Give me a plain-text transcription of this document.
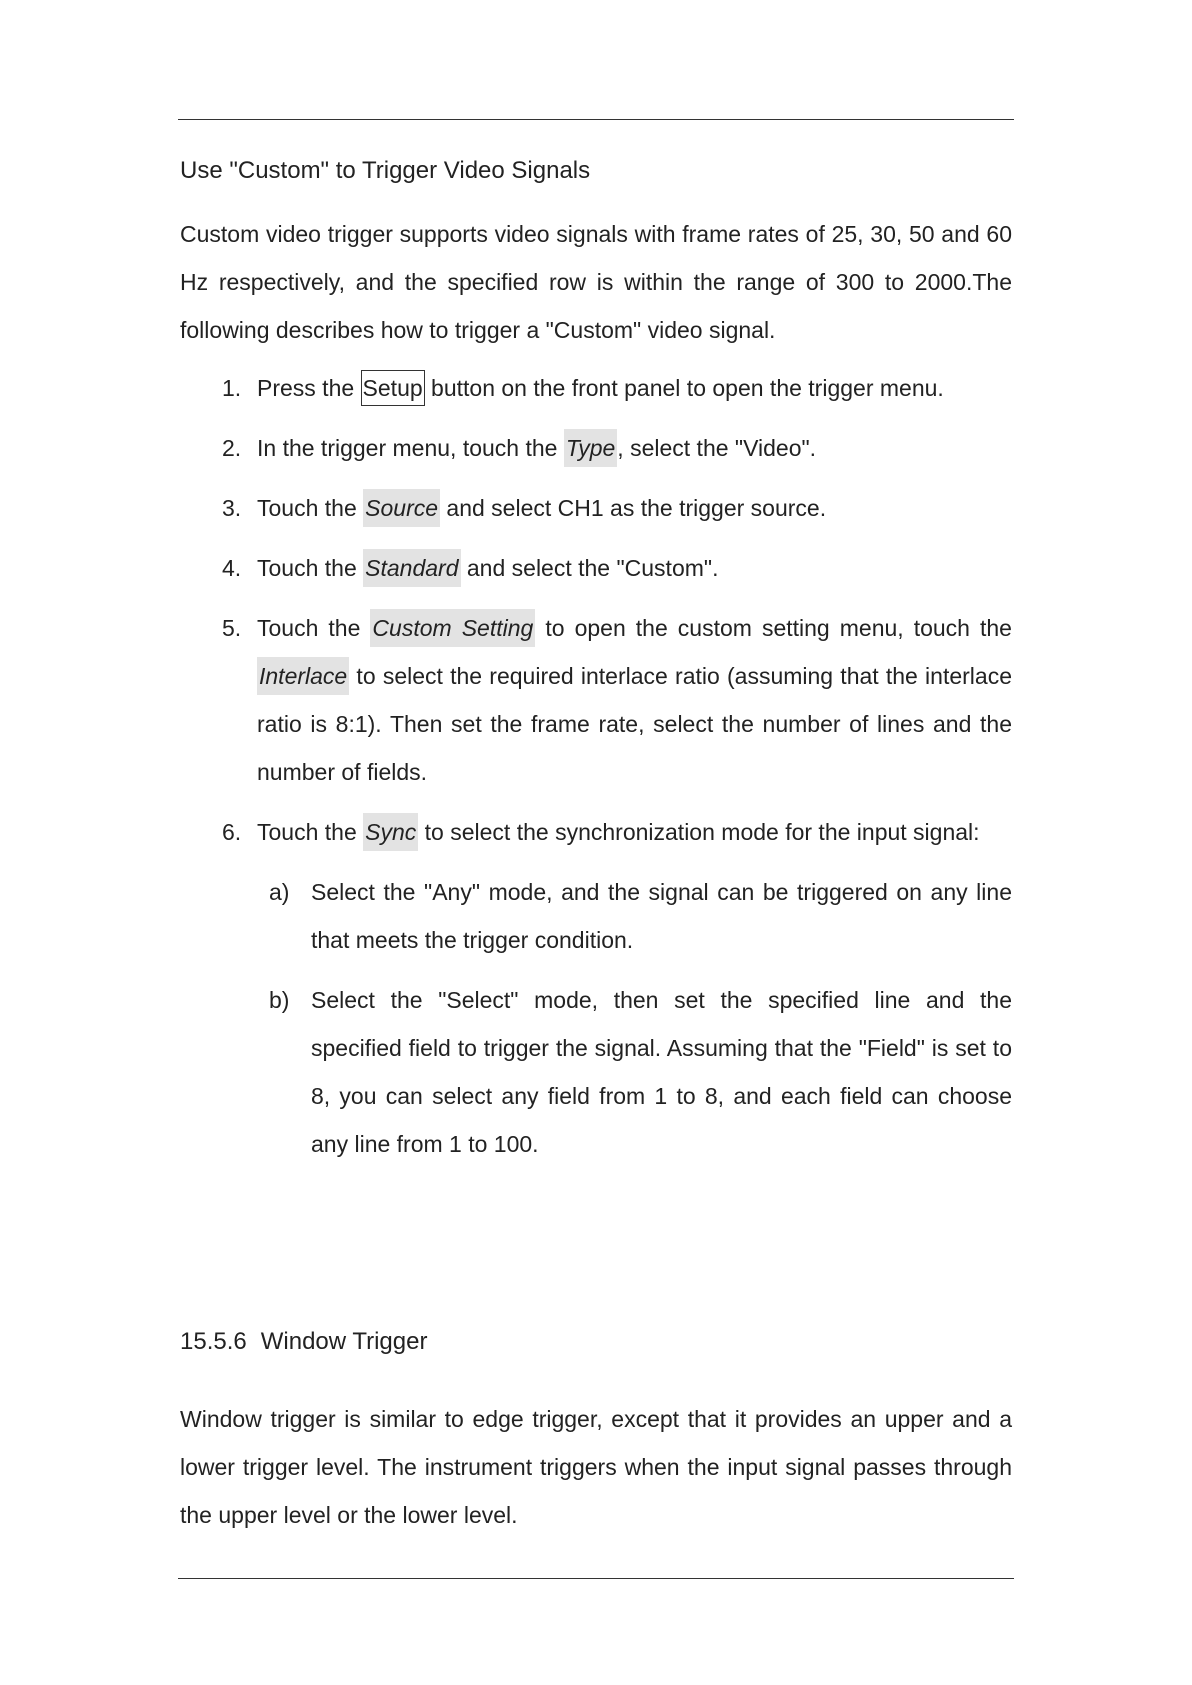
Use "Custom" to Trigger Video Signals

Custom video trigger supports video signals with frame rates of 25, 30, 50 and 60 Hz respectively, and the specified row is within the range of 300 to 2000.The following describes how to trigger a "Custom" video signal.

1. Press the Setup button on the front panel to open the trigger menu.
2. In the trigger menu, touch the Type, select the "Video".
3. Touch the Source and select CH1 as the trigger source.
4. Touch the Standard and select the "Custom".
5. Touch the Custom Setting to open the custom setting menu, touch the Interlace to select the required interlace ratio (assuming that the interlace ratio is 8:1). Then set the frame rate, select the number of lines and the number of fields.
6. Touch the Sync to select the synchronization mode for the input signal:
a) Select the "Any" mode, and the signal can be triggered on any line that meets the trigger condition.
b) Select the "Select" mode, then set the specified line and the specified field to trigger the signal. Assuming that the "Field" is set to 8, you can select any field from 1 to 8, and each field can choose any line from 1 to 100.
15.5.6 Window Trigger

Window trigger is similar to edge trigger, except that it provides an upper and a lower trigger level. The instrument triggers when the input signal passes through the upper level or the lower level.
